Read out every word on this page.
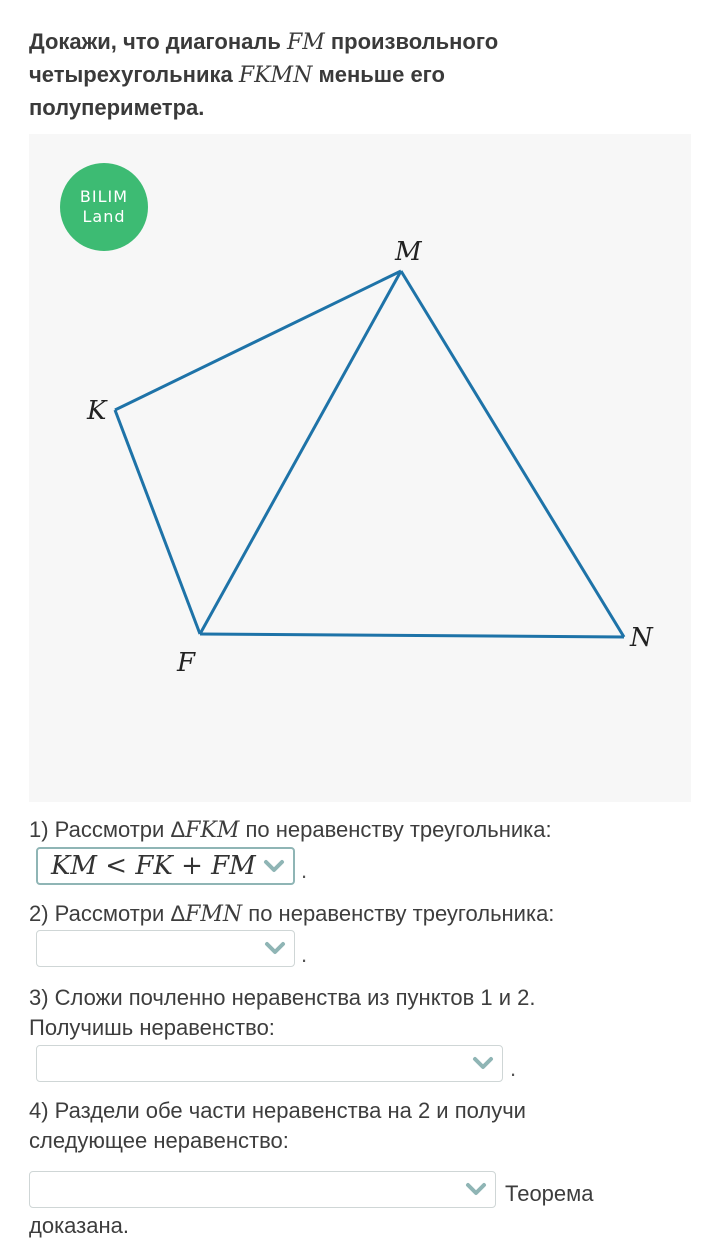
Докажи, что диагональ FM произвольного
четырехугольника FKMN меньше его
полупериметра.
BILIM
Land
M
K
F
N
1) Рассмотри ΔFKM по неравенству треугольника:
KM < FK + FM .
2) Рассмотри ΔFMN по неравенству треугольника:
.
3) Сложи почленно неравенства из пунктов 1 и 2.
Получишь неравенство:
.
4) Раздели обе части неравенства на 2 и получи
следующее неравенство:
Теорема
доказана.
